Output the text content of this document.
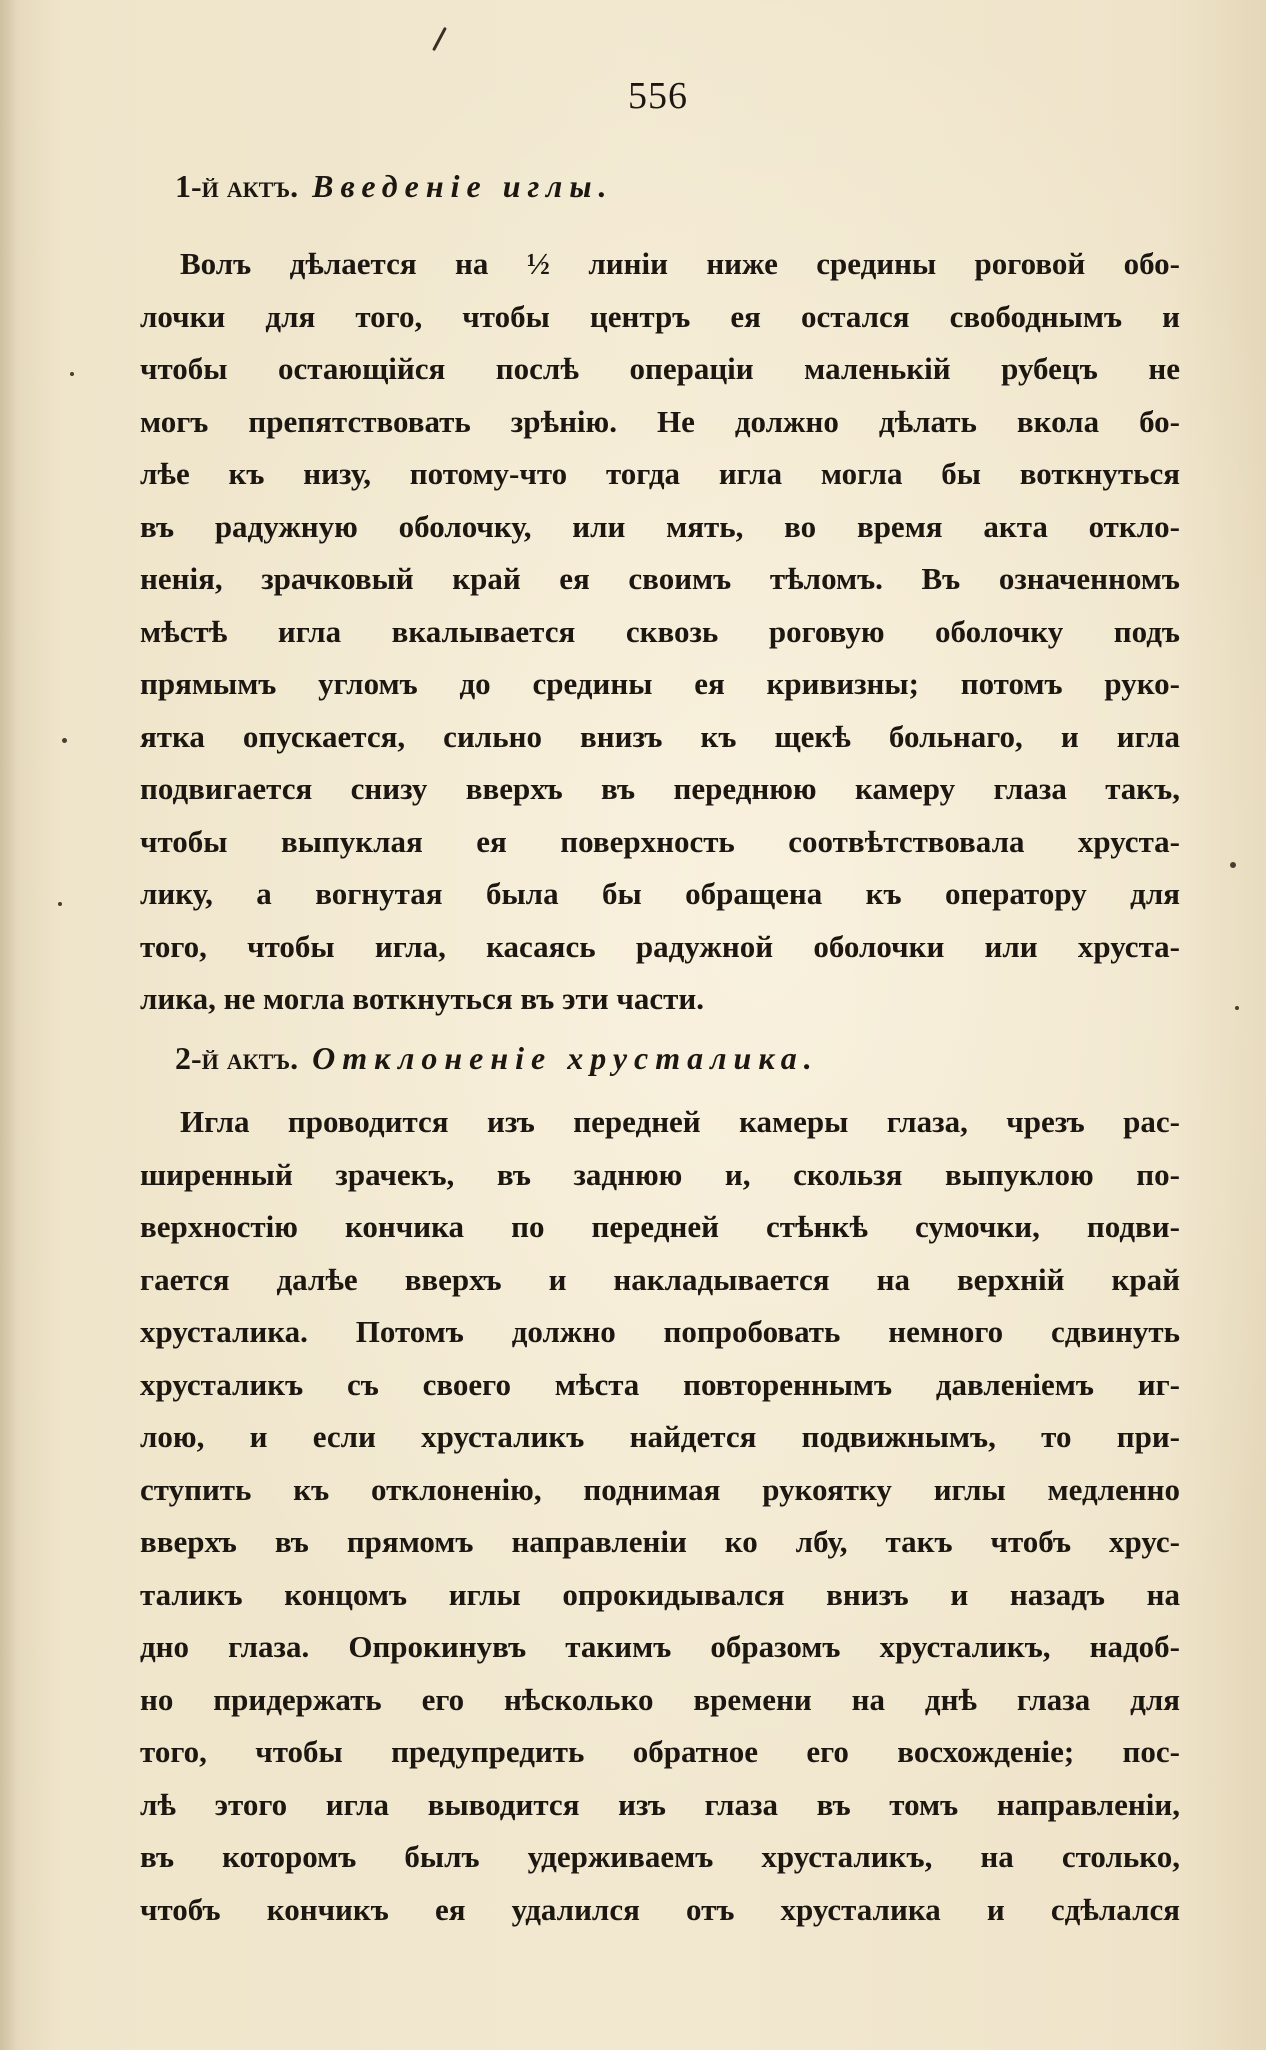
556
1-й актъ. Введеніе иглы.
Волъ дѣлается на ½ линіи ниже средины роговой обо-
лочки для того, чтобы центръ ея остался свободнымъ и
чтобы остающійся послѣ операціи маленькій рубецъ не
могъ препятствовать зрѣнію. Не должно дѣлать вкола бо-
лѣе къ низу, потому-что тогда игла могла бы воткнуться
въ радужную оболочку, или мять, во время акта откло-
ненія, зрачковый край ея своимъ тѣломъ. Въ означенномъ
мѣстѣ игла вкалывается сквозь роговую оболочку подъ
прямымъ угломъ до средины ея кривизны; потомъ руко-
ятка опускается, сильно внизъ къ щекѣ больнаго, и игла
подвигается снизу вверхъ въ переднюю камеру глаза такъ,
чтобы выпуклая ея поверхность соотвѣтствовала хруста-
лику, а вогнутая была бы обращена къ оператору для
того, чтобы игла, касаясь радужной оболочки или хруста-
лика, не могла воткнуться въ эти части.
2-й актъ. Отклоненіе хрусталика.
Игла проводится изъ передней камеры глаза, чрезъ рас-
ширенный зрачекъ, въ заднюю и, скользя выпуклою по-
верхностію кончика по передней стѣнкѣ сумочки, подви-
гается далѣе вверхъ и накладывается на верхній край
хрусталика. Потомъ должно попробовать немного сдвинуть
хрусталикъ съ своего мѣста повтореннымъ давленіемъ иг-
лою, и если хрусталикъ найдется подвижнымъ, то при-
ступить къ отклоненію, поднимая рукоятку иглы медленно
вверхъ въ прямомъ направленіи ко лбу, такъ чтобъ хрус-
таликъ концомъ иглы опрокидывался внизъ и назадъ на
дно глаза. Опрокинувъ такимъ образомъ хрусталикъ, надоб-
но придержать его нѣсколько времени на днѣ глаза для
того, чтобы предупредить обратное его восхожденіе; пос-
лѣ этого игла выводится изъ глаза въ томъ направленіи,
въ которомъ былъ удерживаемъ хрусталикъ, на столько,
чтобъ кончикъ ея удалился отъ хрусталика и сдѣлался
